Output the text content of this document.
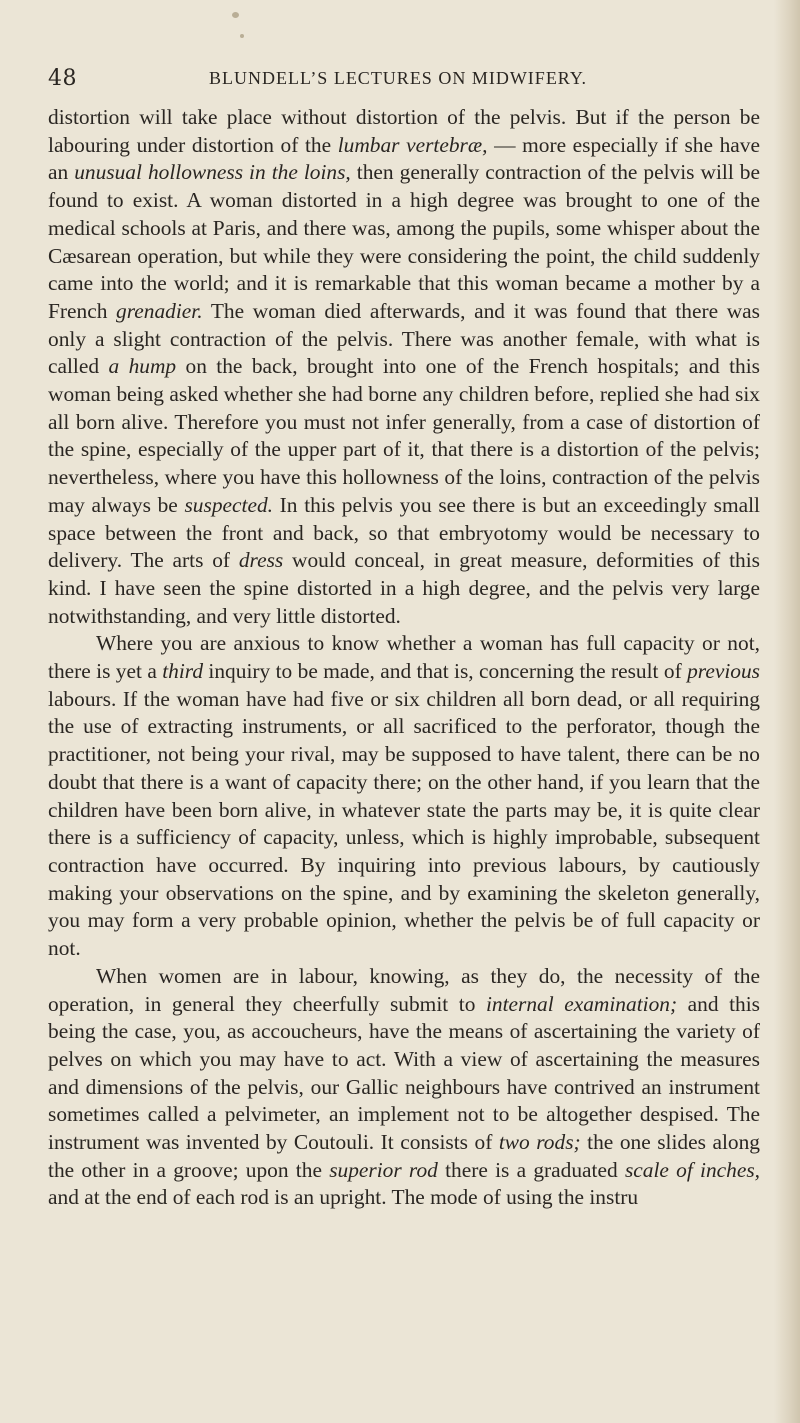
48	BLUNDELL’S LECTURES ON MIDWIFERY.

distortion will take place without distortion of the pelvis. But if the person be labouring under distortion of the lumbar vertebræ, — more especially if she have an unusual hollowness in the loins, then generally contraction of the pelvis will be found to exist. A woman distorted in a high degree was brought to one of the medical schools at Paris, and there was, among the pupils, some whisper about the Cæsarean operation, but while they were considering the point, the child suddenly came into the world; and it is remarkable that this woman became a mother by a French grenadier. The woman died afterwards, and it was found that there was only a slight contraction of the pelvis. There was another female, with what is called a hump on the back, brought into one of the French hospitals; and this woman being asked whether she had borne any children before, replied she had six all born alive. Therefore you must not infer generally, from a case of distortion of the spine, especially of the upper part of it, that there is a distortion of the pelvis; nevertheless, where you have this hollowness of the loins, contraction of the pelvis may always be suspected. In this pelvis you see there is but an exceedingly small space between the front and back, so that embryotomy would be necessary to delivery. The arts of dress would conceal, in great measure, deformities of this kind. I have seen the spine distorted in a high degree, and the pelvis very large notwithstanding, and very little distorted.

Where you are anxious to know whether a woman has full capacity or not, there is yet a third inquiry to be made, and that is, concerning the result of previous labours. If the woman have had five or six children all born dead, or all requiring the use of extracting instruments, or all sacrificed to the perforator, though the practitioner, not being your rival, may be supposed to have talent, there can be no doubt that there is a want of capacity there; on the other hand, if you learn that the children have been born alive, in whatever state the parts may be, it is quite clear there is a sufficiency of capacity, unless, which is highly improbable, subsequent contraction have occurred. By inquiring into previous labours, by cautiously making your observations on the spine, and by examining the skeleton generally, you may form a very probable opinion, whether the pelvis be of full capacity or not.

When women are in labour, knowing, as they do, the necessity of the operation, in general they cheerfully submit to internal examination; and this being the case, you, as accoucheurs, have the means of ascertaining the variety of pelves on which you may have to act. With a view of ascertaining the measures and dimensions of the pelvis, our Gallic neighbours have contrived an instrument sometimes called a pelvimeter, an implement not to be altogether despised. The instrument was invented by Coutouli. It consists of two rods; the one slides along the other in a groove; upon the superior rod there is a graduated scale of inches, and at the end of each rod is an upright. The mode of using the instru
